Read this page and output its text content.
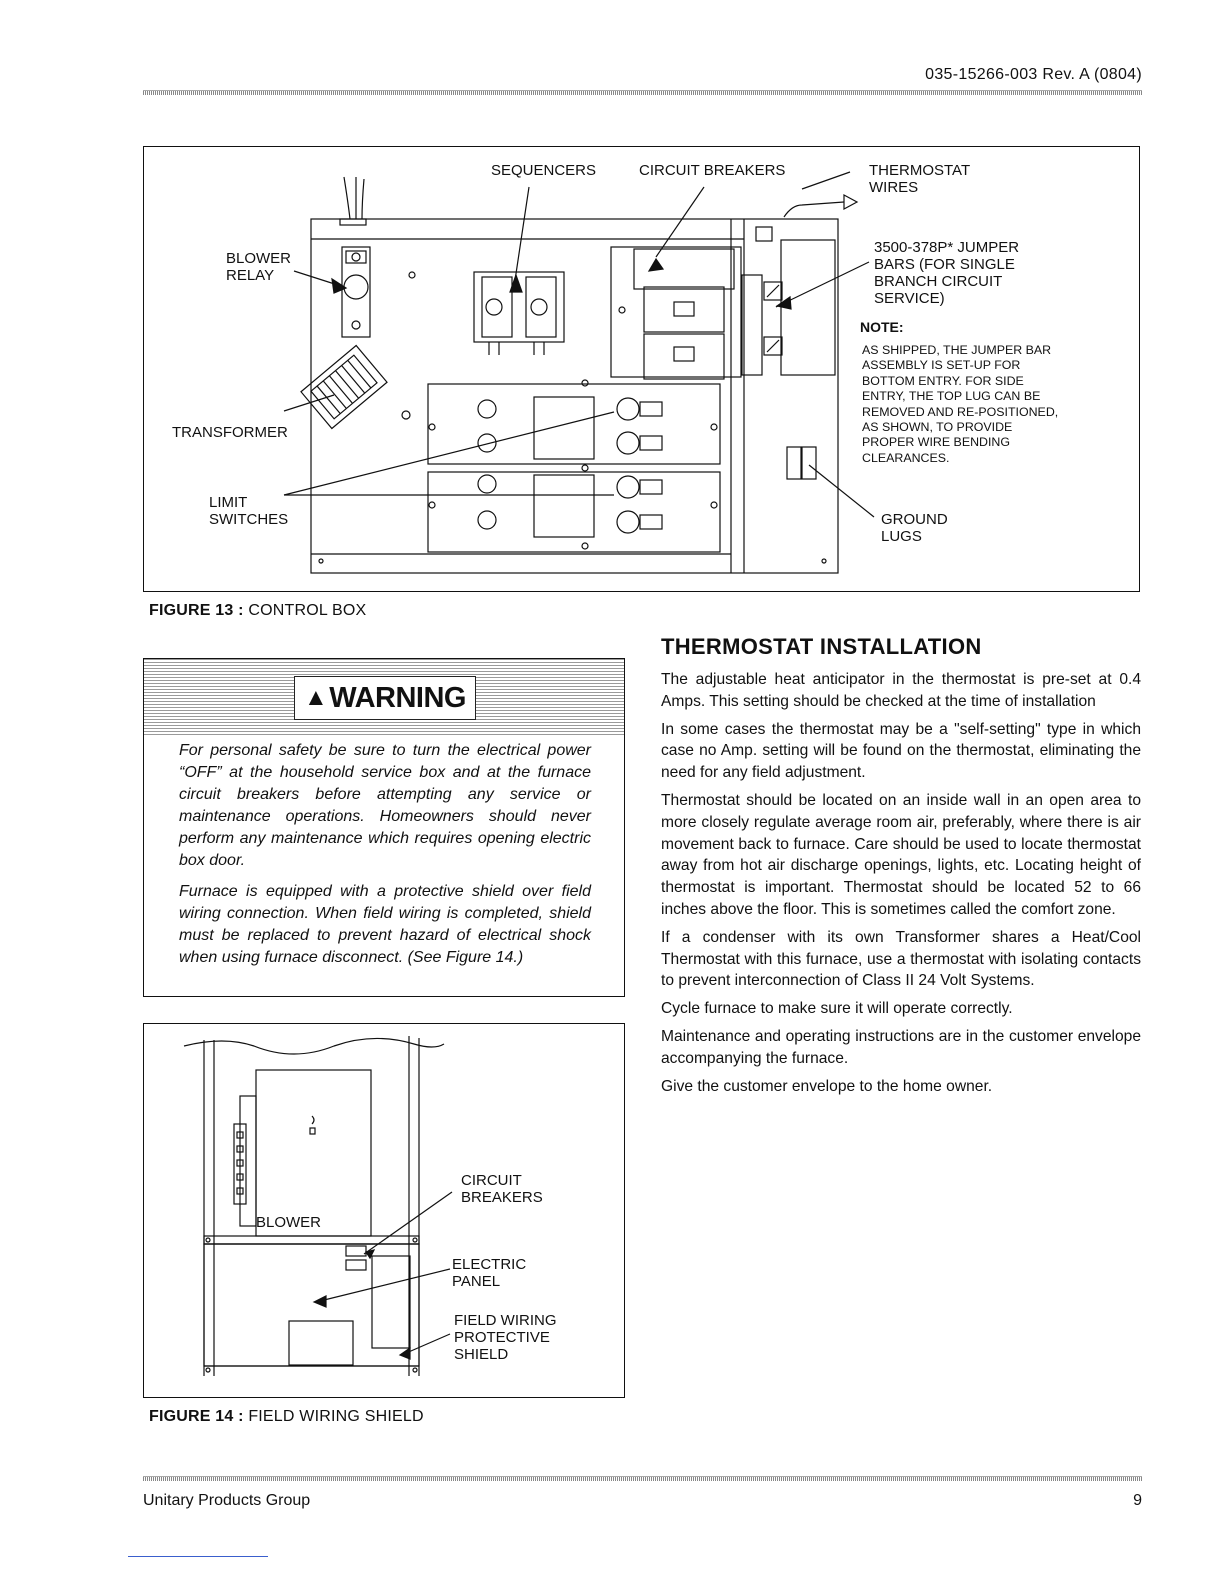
035-15266-003 Rev. A (0804)
SEQUENCERS	CIRCUIT BREAKERS	THERMOSTAT
WIRES
BLOWER
RELAY
TRANSFORMER
LIMIT
SWITCHES
3500-378P* JUMPER
BARS (FOR SINGLE
BRANCH CIRCUIT
SERVICE)
NOTE:
AS SHIPPED, THE JUMPER BAR
ASSEMBLY IS SET-UP FOR
BOTTOM ENTRY. FOR SIDE
ENTRY, THE TOP LUG CAN BE
REMOVED AND RE-POSITIONED,
AS SHOWN, TO PROVIDE
PROPER WIRE BENDING
CLEARANCES.
GROUND
LUGS
FIGURE 13 : CONTROL BOX
▲ WARNING
For personal safety be sure to turn the electrical power “OFF” at the household service box and at the furnace circuit breakers before attempting any service or maintenance operations. Homeowners should never perform any maintenance which requires opening electric box door.
Furnace is equipped with a protective shield over field wiring connection. When field wiring is completed, shield must be replaced to prevent hazard of electrical shock when using furnace disconnect. (See Figure 14.)
BLOWER
CIRCUIT
BREAKERS
ELECTRIC
PANEL
FIELD WIRING
PROTECTIVE
SHIELD
FIGURE 14 : FIELD WIRING SHIELD
THERMOSTAT INSTALLATION

The adjustable heat anticipator in the thermostat is pre-set at 0.4 Amps. This setting should be checked at the time of installation

In some cases the thermostat may be a "self-setting" type in which case no Amp. setting will be found on the thermostat, eliminating the need for any field adjustment.

Thermostat should be located on an inside wall in an open area to more closely regulate average room air, preferably, where there is air movement back to furnace. Care should be used to locate thermostat away from hot air discharge openings, lights, etc. Locating height of thermostat is important. Thermostat should be located 52 to 66 inches above the floor. This is sometimes called the comfort zone.

If a condenser with its own Transformer shares a Heat/Cool Thermostat with this furnace, use a thermostat with isolating contacts to prevent interconnection of Class II 24 Volt Systems.

Cycle furnace to make sure it will operate correctly.

Maintenance and operating instructions are in the customer envelope accompanying the furnace.

Give the customer envelope to the home owner.

Unitary Products Group	9
